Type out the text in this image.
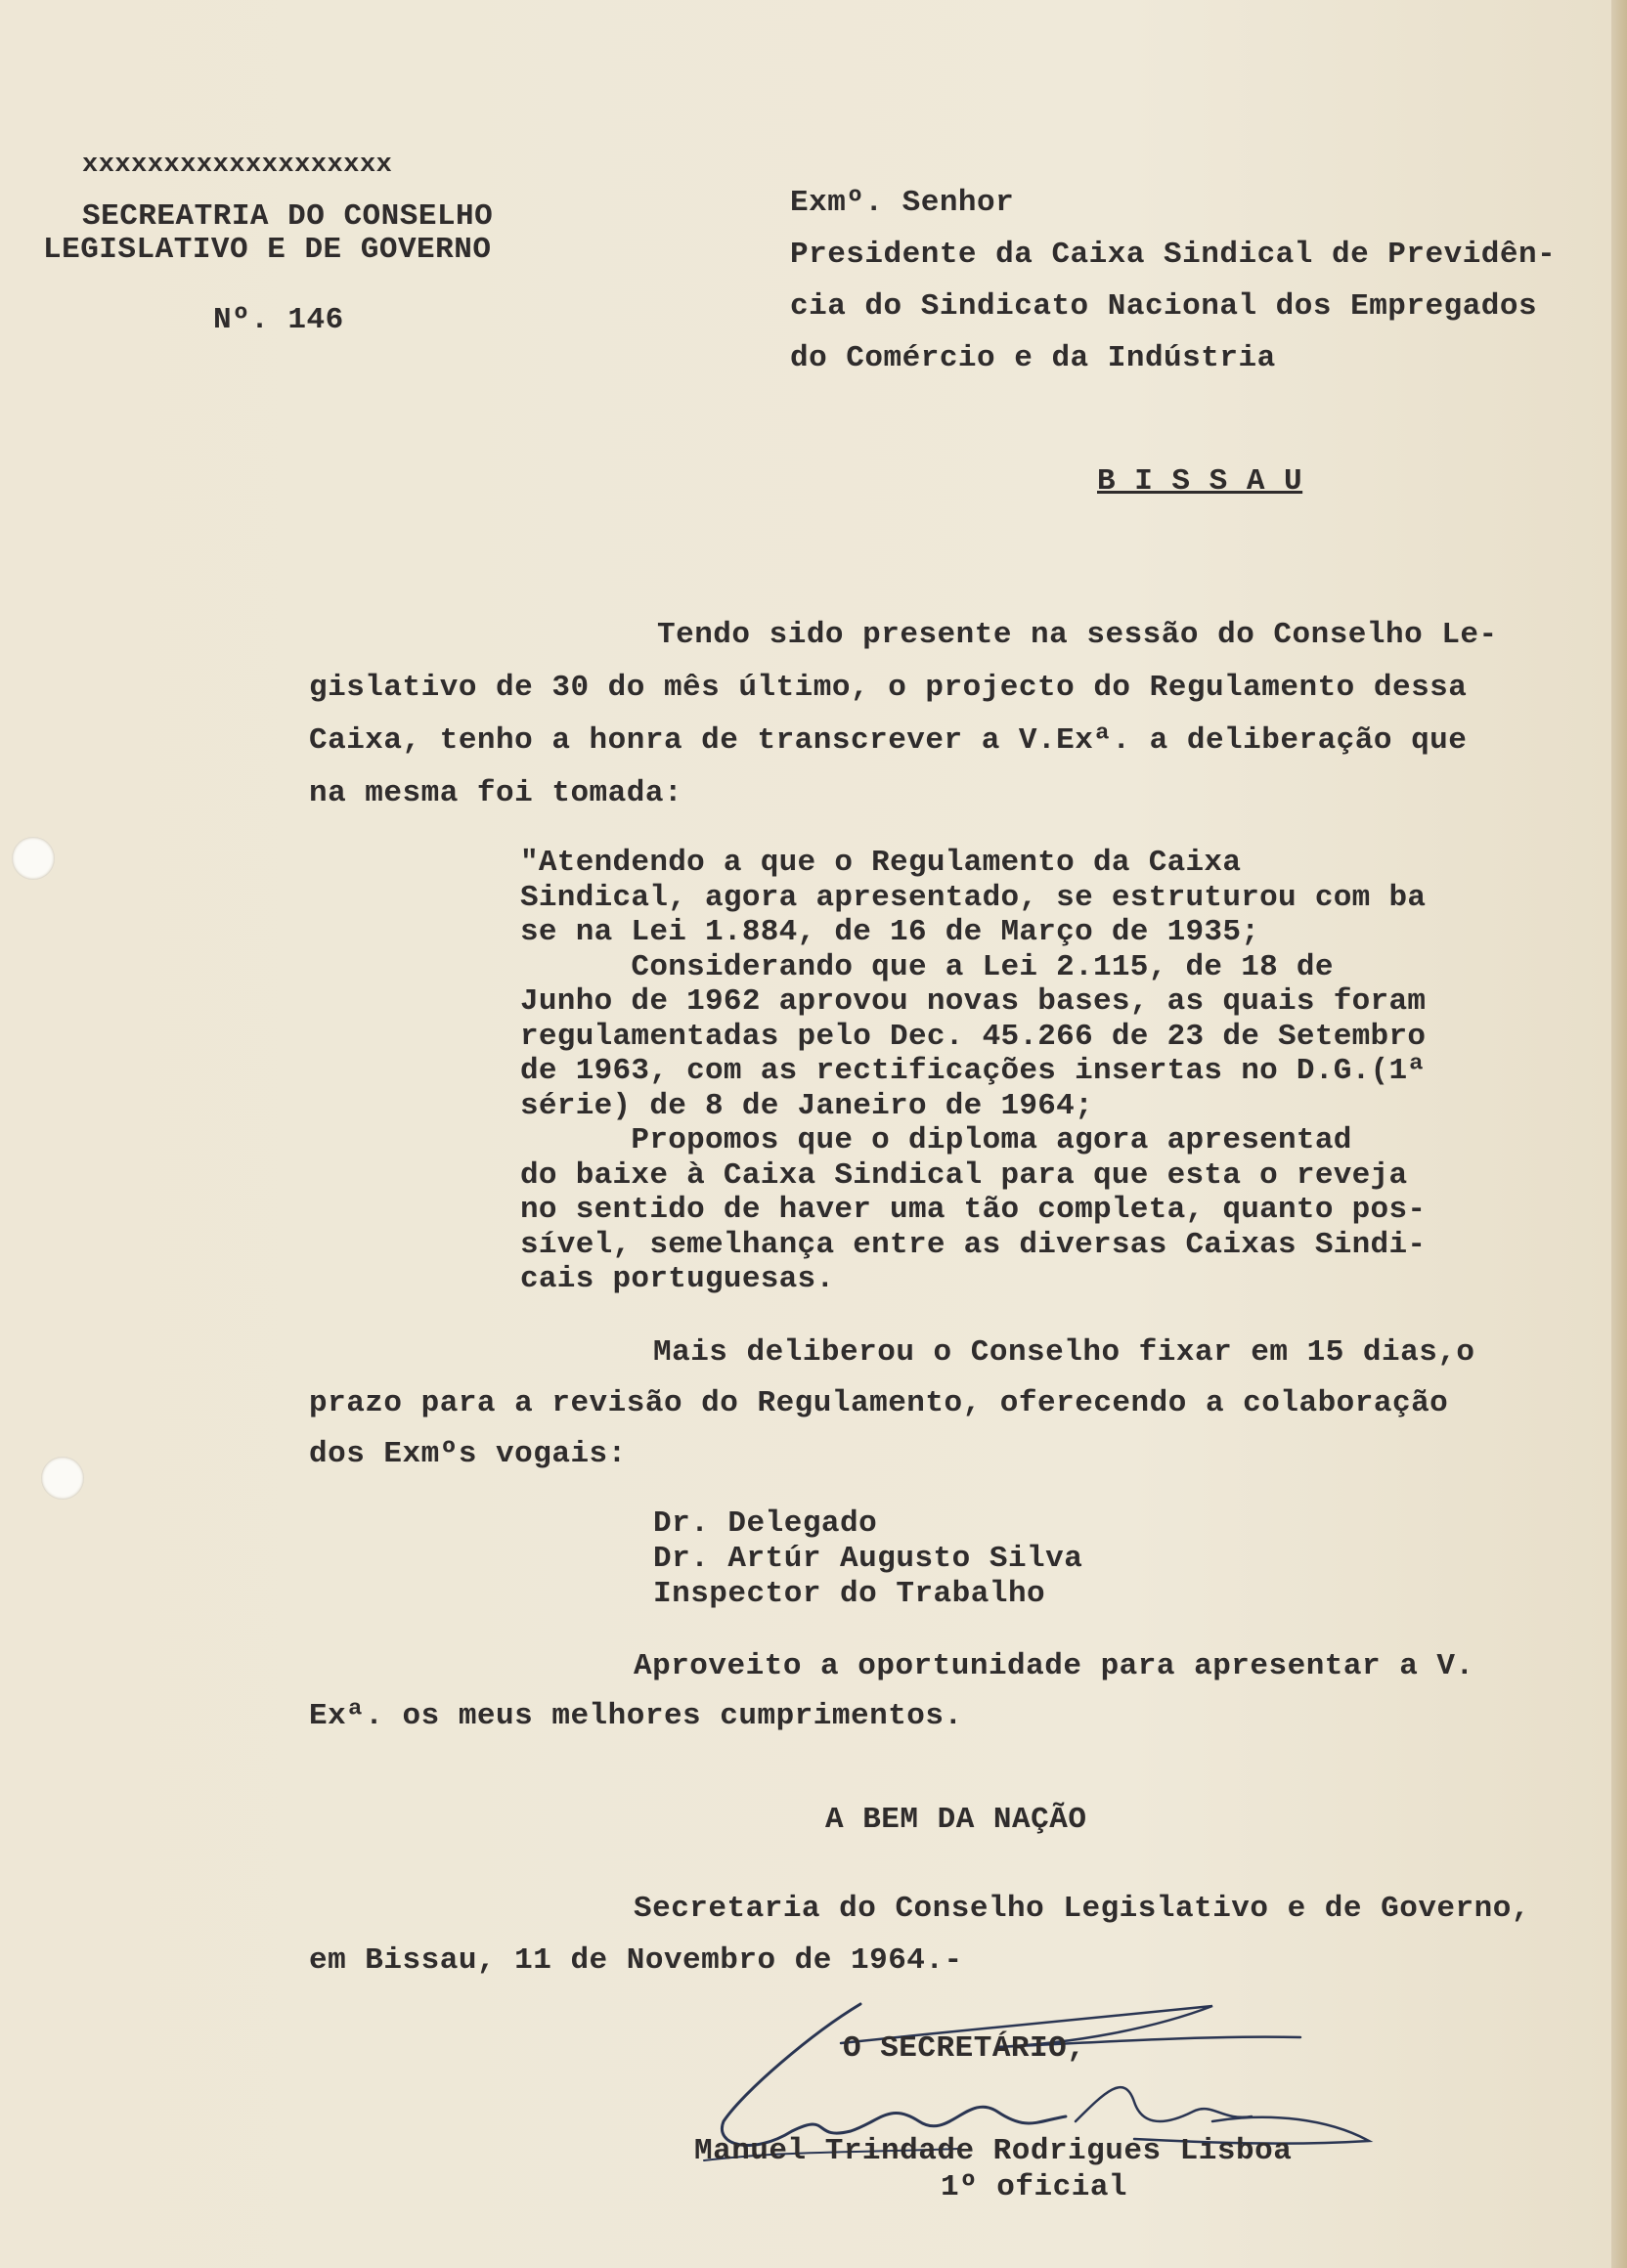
xxxxxxxxxxxxxxxxxxx
SECREATRIA DO CONSELHO
LEGISLATIVO E DE GOVERNO
Nº. 146
Exmº. Senhor
Presidente da Caixa Sindical de Previdên-
cia do Sindicato Nacional dos Empregados
do Comércio e da Indústria
B I S S A U
Tendo sido presente na sessão do Conselho Le-
gislativo de 30 do mês último, o projecto do Regulamento dessa
Caixa, tenho a honra de transcrever a V.Exª. a deliberação que
na mesma foi tomada:
"Atendendo a que o Regulamento da Caixa
Sindical, agora apresentado, se estruturou com ba
se na Lei 1.884, de 16 de Março de 1935;
Considerando que a Lei 2.115, de 18 de
Junho de 1962 aprovou novas bases, as quais foram
regulamentadas pelo Dec. 45.266 de 23 de Setembro
de 1963, com as rectificações insertas no D.G.(1ª
série) de 8 de Janeiro de 1964;
Propomos que o diploma agora apresentad
do baixe à Caixa Sindical para que esta o reveja
no sentido de haver uma tão completa, quanto pos-
sível, semelhança entre as diversas Caixas Sindi-
cais portuguesas.
Mais deliberou o Conselho fixar em 15 dias,o
prazo para a revisão do Regulamento, oferecendo a colaboração
dos Exmºs vogais:
Dr. Delegado
Dr. Artúr Augusto Silva
Inspector do Trabalho
Aproveito a oportunidade para apresentar a V.
Exª. os meus melhores cumprimentos.
A BEM DA NAÇÃO
Secretaria do Conselho Legislativo e de Governo,
em Bissau, 11 de Novembro de 1964.-
O SECRETÁRIO,
Manuel Trindade Rodrigues Lisboa
1º oficial
